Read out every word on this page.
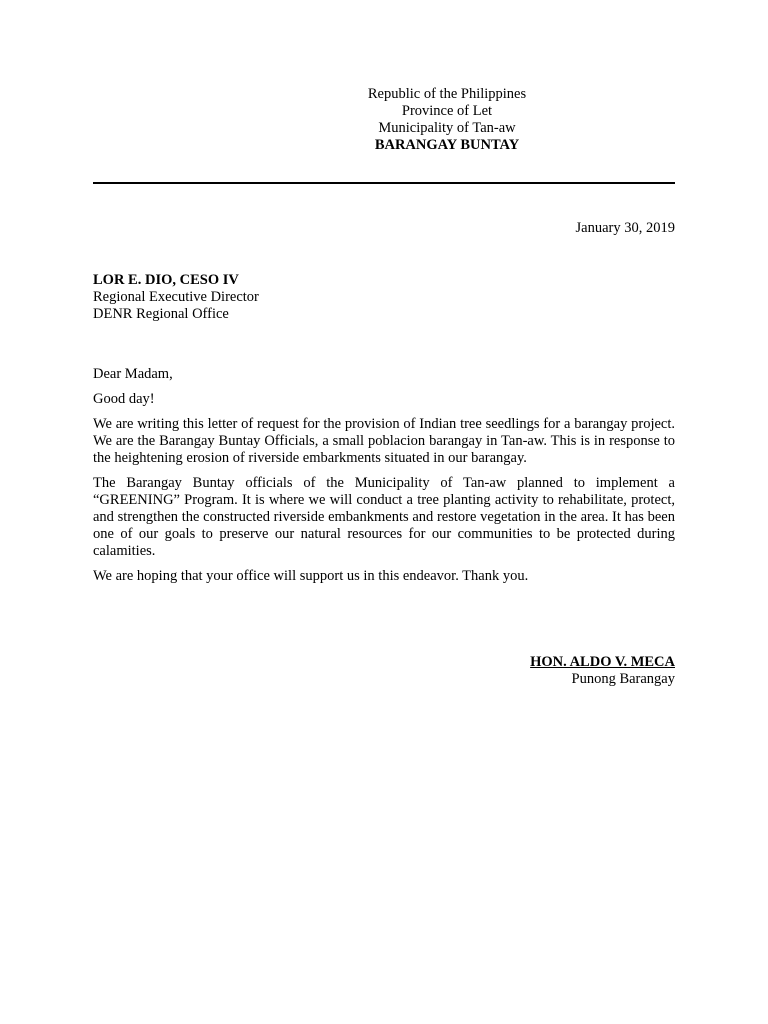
Republic of the Philippines
Province of Let
Municipality of Tan-aw
BARANGAY BUNTAY
January 30, 2019
LOR E. DIO, CESO IV
Regional Executive Director
DENR Regional Office
Dear Madam,

Good day!

We are writing this letter of request for the provision of Indian tree seedlings for a barangay project. We are the Barangay Buntay Officials, a small poblacion barangay in Tan-aw. This is in response to the heightening erosion of riverside embarkments situated in our barangay.

The Barangay Buntay officials of the Municipality of Tan-aw planned to implement a “GREENING” Program. It is where we will conduct a tree planting activity to rehabilitate, protect, and strengthen the constructed riverside embankments and restore vegetation in the area. It has been one of our goals to preserve our natural resources for our communities to be protected during calamities.

We are hoping that your office will support us in this endeavor. Thank you.

HON. ALDO V. MECA
Punong Barangay
